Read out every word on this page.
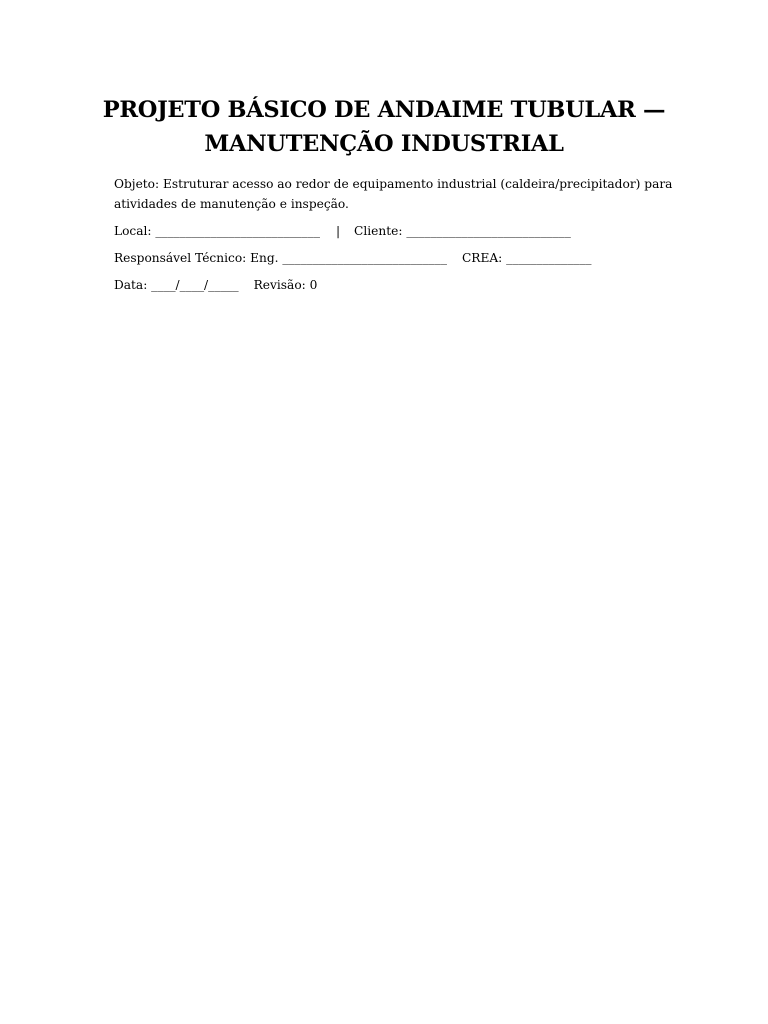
PROJETO BÁSICO DE ANDAIME TUBULAR —
MANUTENÇÃO INDUSTRIAL

Objeto: Estruturar acesso ao redor de equipamento industrial (caldeira/precipitador) para
atividades de manutenção e inspeção.

Local: ___________________________ | Cliente: ___________________________

Responsável Técnico: Eng. ___________________________ CREA: ______________

Data: ____/____/_____ Revisão: 0
